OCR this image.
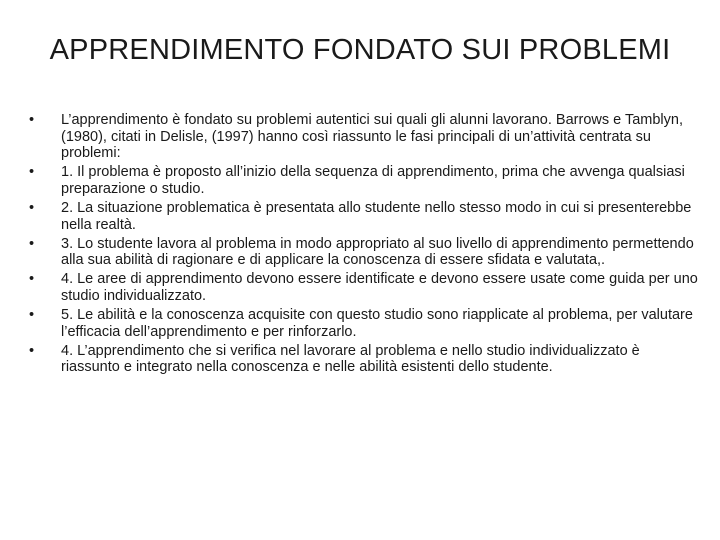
APPRENDIMENTO FONDATO SUI PROBLEMI
• L’apprendimento è fondato su problemi autentici sui quali gli alunni lavorano. Barrows e Tamblyn, (1980), citati in Delisle, (1997) hanno così riassunto le fasi principali di un’attività centrata su problemi:
• 1. Il problema è proposto all’inizio della sequenza di apprendimento, prima che avvenga qualsiasi preparazione o studio.
• 2. La situazione problematica è presentata allo studente nello stesso modo in cui si presenterebbe nella realtà.
• 3. Lo studente lavora al problema in modo appropriato al suo livello di apprendimento permettendo alla sua abilità di ragionare e di applicare la conoscenza di essere sfidata e valutata,.
• 4. Le aree di apprendimento devono essere identificate e devono essere usate come guida per uno studio individualizzato.
• 5. Le abilità e la conoscenza acquisite con questo studio sono riapplicate al problema, per valutare l’efficacia dell’apprendimento e per rinforzarlo.
• 4. L’apprendimento che si verifica nel lavorare al problema e nello studio individualizzato è riassunto e integrato nella conoscenza e nelle abilità esistenti dello studente.
